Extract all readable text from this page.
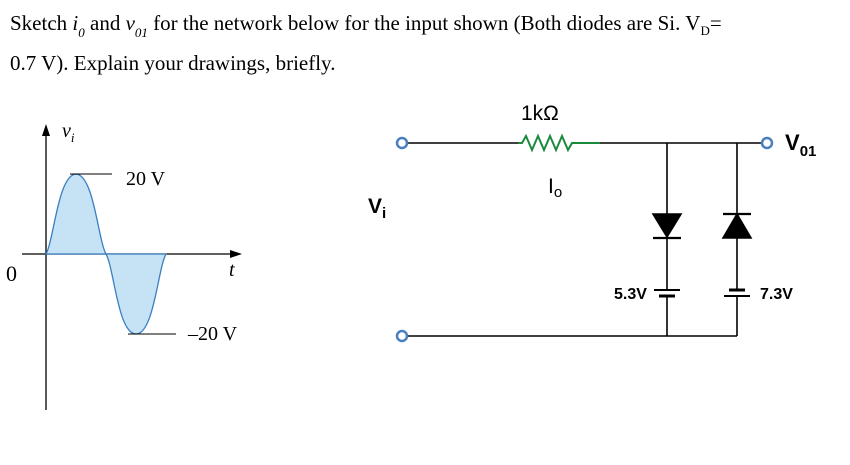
Sketch $i_0$ and $v_{01}$ for the network below for the input shown (Both diodes are Si. $V_D=$
0.7 V). Explain your drawings, briefly.
$v_i$
20 V
–20 V
0	t
1kΩ
Io
$V_i$
$V_{01}$
5.3V	7.3V
